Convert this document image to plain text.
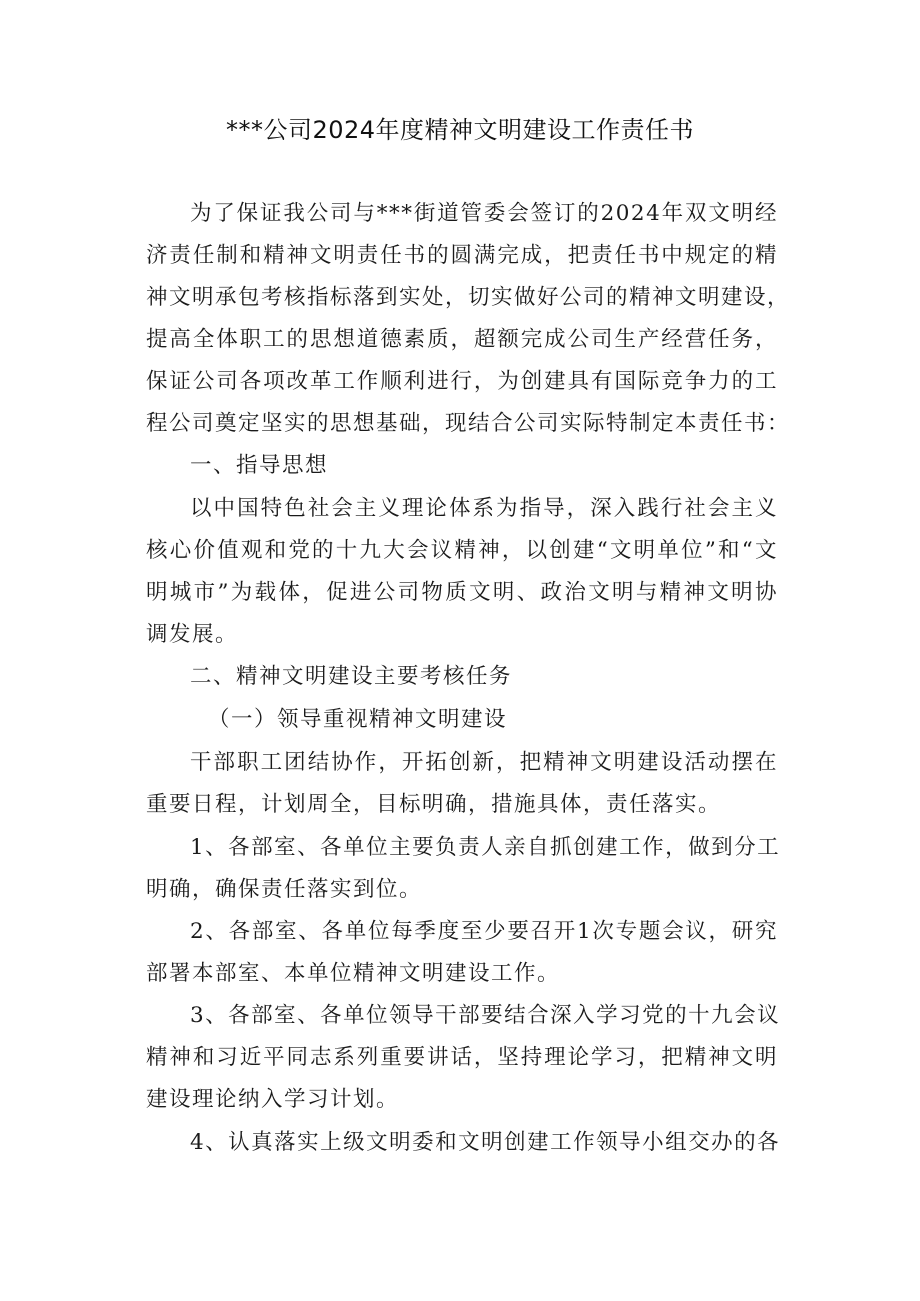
***公司2024年度精神文明建设工作责任书
为了保证我公司与***街道管委会签订的2024年双文明经
济责任制和精神文明责任书的圆满完成，把责任书中规定的精
神文明承包考核指标落到实处，切实做好公司的精神文明建设，
提高全体职工的思想道德素质，超额完成公司生产经营任务，
保证公司各项改革工作顺利进行，为创建具有国际竞争力的工
程公司奠定坚实的思想基础，现结合公司实际特制定本责任书：
一、指导思想
以中国特色社会主义理论体系为指导，深入践行社会主义
核心价值观和党的十九大会议精神，以创建“文明单位”和“文
明城市”为载体，促进公司物质文明、政治文明与精神文明协
调发展。
二、精神文明建设主要考核任务
（一）领导重视精神文明建设
干部职工团结协作，开拓创新，把精神文明建设活动摆在
重要日程，计划周全，目标明确，措施具体，责任落实。
1、各部室、各单位主要负责人亲自抓创建工作，做到分工
明确，确保责任落实到位。
2、各部室、各单位每季度至少要召开1次专题会议，研究
部署本部室、本单位精神文明建设工作。
3、各部室、各单位领导干部要结合深入学习党的十九会议
精神和习近平同志系列重要讲话，坚持理论学习，把精神文明
建设理论纳入学习计划。
4、认真落实上级文明委和文明创建工作领导小组交办的各
